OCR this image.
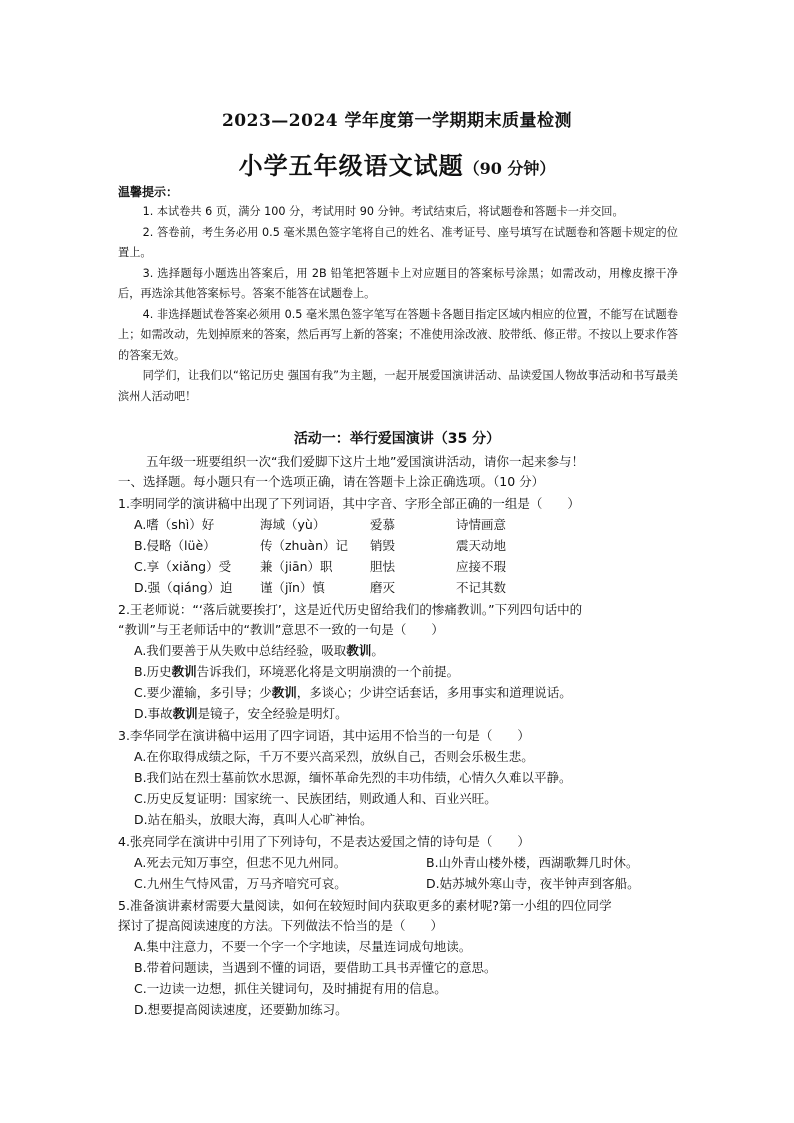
2023—2024 学年度第一学期期末质量检测
小学五年级语文试题（90 分钟）
温馨提示：

1. 本试卷共 6 页，满分 100 分，考试用时 90 分钟。考试结束后，将试题卷和答题卡一并交回。

2. 答卷前，考生务必用 0.5 毫米黑色签字笔将自己的姓名、准考证号、座号填写在试题卷和答题卡规定的位置上。

3. 选择题每小题选出答案后，用 2B 铅笔把答题卡上对应题目的答案标号涂黑；如需改动，用橡皮擦干净后，再选涂其他答案标号。答案不能答在试题卷上。

4. 非选择题试卷答案必须用 0.5 毫米黑色签字笔写在答题卡各题目指定区域内相应的位置，不能写在试题卷上；如需改动，先划掉原来的答案，然后再写上新的答案；不准使用涂改液、胶带纸、修正带。不按以上要求作答的答案无效。

同学们，让我们以“铭记历史 强国有我”为主题，一起开展爱国演讲活动、品读爱国人物故事活动和书写最美滨州人活动吧！

活动一：举行爱国演讲（35 分）
五年级一班要组织一次“我们爱脚下这片土地”爱国演讲活动，请你一起来参与！
一、选择题。每小题只有一个选项正确，请在答题卡上涂正确选项。（10 分）
1.李明同学的演讲稿中出现了下列词语，其中字音、字形全部正确的一组是（　　）
A.嗜（shì）好	海域（yù）	爱慕	诗情画意
B.侵略（lüè）	传（zhuàn）记 销毁	震天动地
C.享（xiǎng）受 兼（jiān）职	胆怯	应接不瑕
D.强（qiáng）迫 谨（jǐn）慎	磨灭	不记其数
2.王老师说：“‘落后就要挨打’，这是近代历史留给我们的惨痛教训。”下列四句话中的
“教训”与王老师话中的“教训”意思不一致的一句是（　　）
A.我们要善于从失败中总结经验，吸取教训。
B.历史教训告诉我们，环境恶化将是文明崩溃的一个前提。
C.要少灌输，多引导；少教训，多谈心；少讲空话套话，多用事实和道理说话。
D.事故教训是镜子，安全经验是明灯。
3.李华同学在演讲稿中运用了四字词语，其中运用不恰当的一句是（　　）
A.在你取得成绩之际，千万不要兴高采烈，放纵自己，否则会乐极生悲。
B.我们站在烈士墓前饮水思源，缅怀革命先烈的丰功伟绩，心情久久难以平静。
C.历史反复证明：国家统一、民族团结，则政通人和、百业兴旺。
D.站在船头，放眼大海，真叫人心旷神怡。
4.张亮同学在演讲中引用了下列诗句，不是表达爱国之情的诗句是（　　）
A.死去元知万事空，但悲不见九州同。	B.山外青山楼外楼，西湖歌舞几时休。
C.九州生气恃风雷，万马齐喑究可哀。	D.姑苏城外寒山寺，夜半钟声到客船。
5.准备演讲素材需要大量阅读，如何在较短时间内获取更多的素材呢?第一小组的四位同学
探讨了提高阅读速度的方法。下列做法不恰当的是（　　）
A.集中注意力，不要一个字一个字地读，尽量连词成句地读。
B.带着问题读，当遇到不懂的词语，要借助工具书弄懂它的意思。
C.一边读一边想，抓住关键词句，及时捕捉有用的信息。
D.想要提高阅读速度，还要勤加练习。
